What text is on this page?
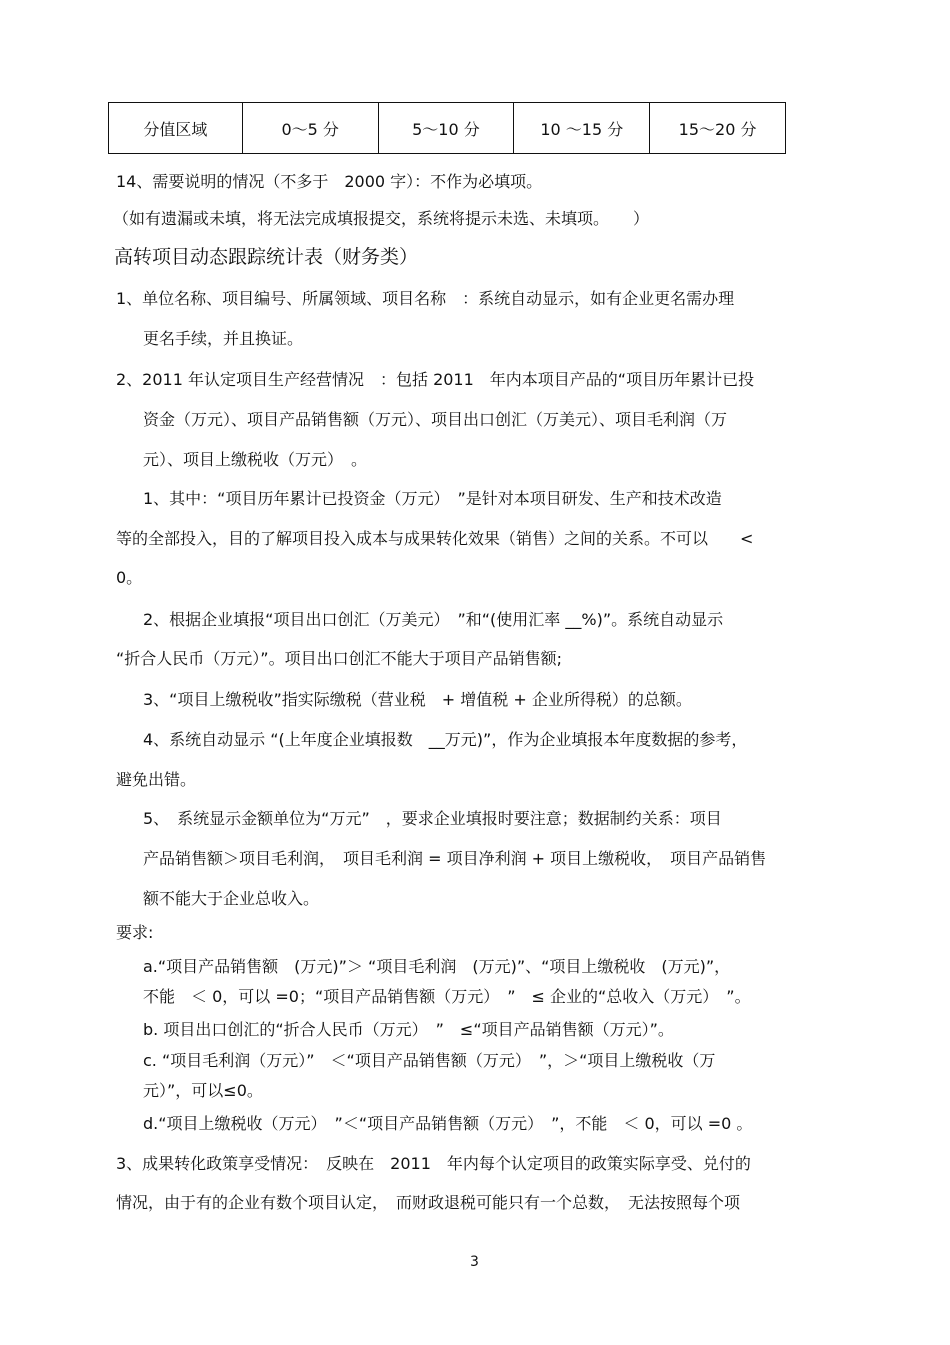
分值区域	0～5 分	5～10 分	10 ～15 分	15～20 分
14、需要说明的情况（不多于　2000 字）：不作为必填项。
（如有遗漏或未填，将无法完成填报提交，系统将提示未选、未填项。　　）
高转项目动态跟踪统计表（财务类）
1、单位名称、项目编号、所属领域、项目名称　：系统自动显示，如有企业更名需办理
更名手续，并且换证。
2、2011 年认定项目生产经营情况　：包括 2011　年内本项目产品的“项目历年累计已投
资金（万元）、项目产品销售额（万元）、项目出口创汇（万美元）、项目毛利润（万
元）、项目上缴税收（万元）　。
1、其中：“项目历年累计已投资金（万元）　”是针对本项目研发、生产和技术改造
等的全部投入，目的了解项目投入成本与成果转化效果（销售）之间的关系。不可以　　<
0。
2、根据企业填报“项目出口创汇（万美元）　”和“(使用汇率 __%)”。系统自动显示
“折合人民币（万元）”。项目出口创汇不能大于项目产品销售额;
3、“项目上缴税收”指实际缴税（营业税　+ 增值税 + 企业所得税）的总额。
4、系统自动显示 “(上年度企业填报数　__万元)”，作为企业填报本年度数据的参考，
避免出错。
5、　系统显示金额单位为“万元”　，要求企业填报时要注意；数据制约关系：项目
产品销售额＞项目毛利润，　项目毛利润 = 项目净利润 + 项目上缴税收，　项目产品销售
额不能大于企业总收入。
要求:
a.“项目产品销售额　(万元)”＞ “项目毛利润　(万元)”、“项目上缴税收　(万元)”，
不能　＜ 0，可以 =0；“项目产品销售额（万元）　”　≤ 企业的“总收入（万元）　”。
b. 项目出口创汇的“折合人民币（万元）　”　≤“项目产品销售额（万元）”。
c. “项目毛利润（万元）”　＜“项目产品销售额（万元）　”，＞“项目上缴税收（万
元）”，可以≤0。
d.“项目上缴税收（万元）　”＜“项目产品销售额（万元）　”，不能　＜ 0，可以 =0 。
3、成果转化政策享受情况：　反映在　2011　年内每个认定项目的政策实际享受、兑付的
情况，由于有的企业有数个项目认定，　而财政退税可能只有一个总数，　无法按照每个项
3
